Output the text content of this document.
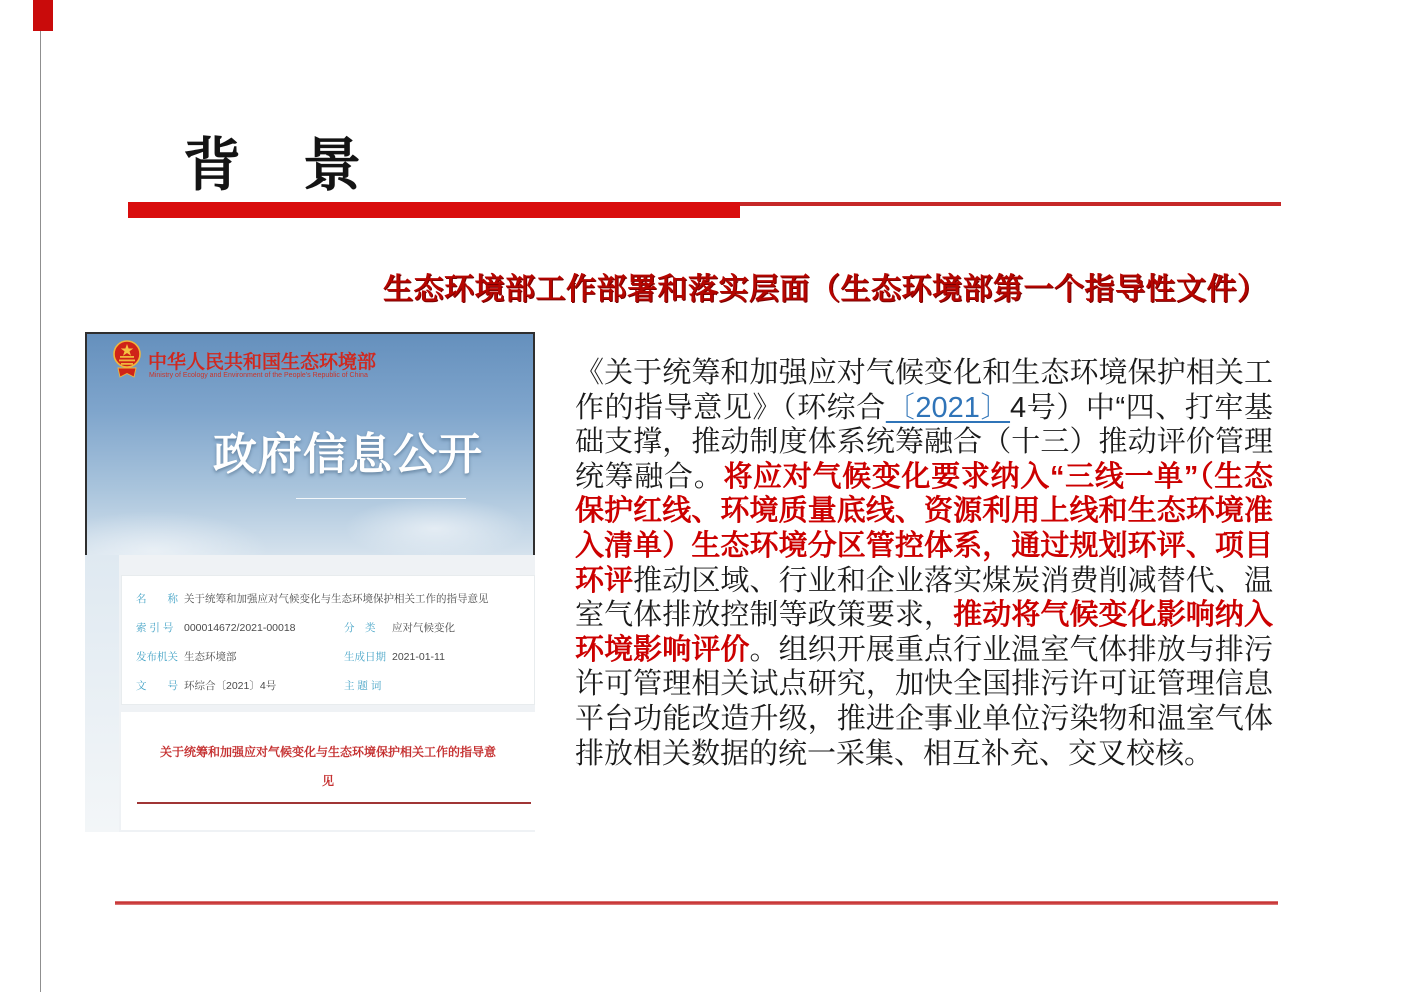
背　景
生态环境部工作部署和落实层面（生态环境部第一个指导性文件）
中华人民共和国生态环境部
Ministry of Ecology and Environment of the People's Republic of China
政府信息公开
名　　称 关于统筹和加强应对气候变化与生态环境保护相关工作的指导意见
索 引 号	000014672/2021-00018	分　类	应对气候变化
发布机关 生态环境部	生成日期 2021-01-11
文　　号 环综合〔2021〕4号	主 题 词
关于统筹和加强应对气候变化与生态环境保护相关工作的指导意见
《关于统筹和加强应对气候变化和生态环境保护相关工作的指导意见》（环综合〔2021〕4号）中“四、打牢基础支撑，推动制度体系统筹融合（十三）推动评价管理统筹融合。将应对气候变化要求纳入“三线一单”（生态保护红线、环境质量底线、资源利用上线和生态环境准入清单）生态环境分区管控体系，通过规划环评、项目环评推动区域、行业和企业落实煤炭消费削减替代、温室气体排放控制等政策要求，推动将气候变化影响纳入环境影响评价。组织开展重点行业温室气体排放与排污许可管理相关试点研究，加快全国排污许可证管理信息平台功能改造升级，推进企事业单位污染物和温室气体排放相关数据的统一采集、相互补充、交叉校核。
